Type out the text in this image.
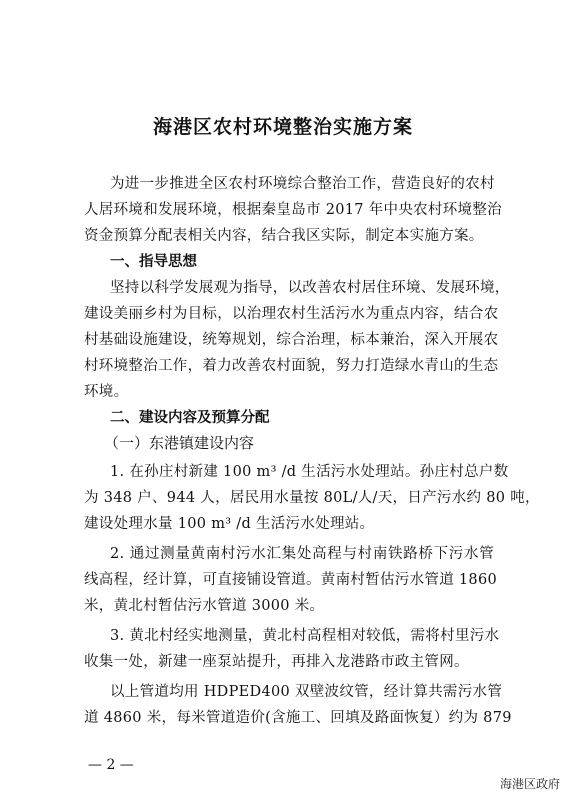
海港区农村环境整治实施方案
为进一步推进全区农村环境综合整治工作，营造良好的农村
人居环境和发展环境，根据秦皇岛市 2017 年中央农村环境整治
资金预算分配表相关内容，结合我区实际，制定本实施方案。
一、指导思想
坚持以科学发展观为指导，以改善农村居住环境、发展环境，
建设美丽乡村为目标，以治理农村生活污水为重点内容，结合农
村基础设施建设，统筹规划，综合治理，标本兼治，深入开展农
村环境整治工作，着力改善农村面貌，努力打造绿水青山的生态
环境。
二、建设内容及预算分配
（一）东港镇建设内容
1. 在孙庄村新建 100 m³ /d 生活污水处理站。孙庄村总户数
为 348 户、944 人，居民用水量按 80L/人/天，日产污水约 80 吨，
建设处理水量 100 m³ /d 生活污水处理站。
2. 通过测量黄南村污水汇集处高程与村南铁路桥下污水管
线高程，经计算，可直接铺设管道。黄南村暂估污水管道 1860
米，黄北村暂估污水管道 3000 米。
3. 黄北村经实地测量，黄北村高程相对较低，需将村里污水
收集一处，新建一座泵站提升，再排入龙港路市政主管网。
以上管道均用 HDPED400 双壁波纹管，经计算共需污水管
道 4860 米，每米管道造价(含施工、回填及路面恢复）约为 879
— 2 —
海港区政府
